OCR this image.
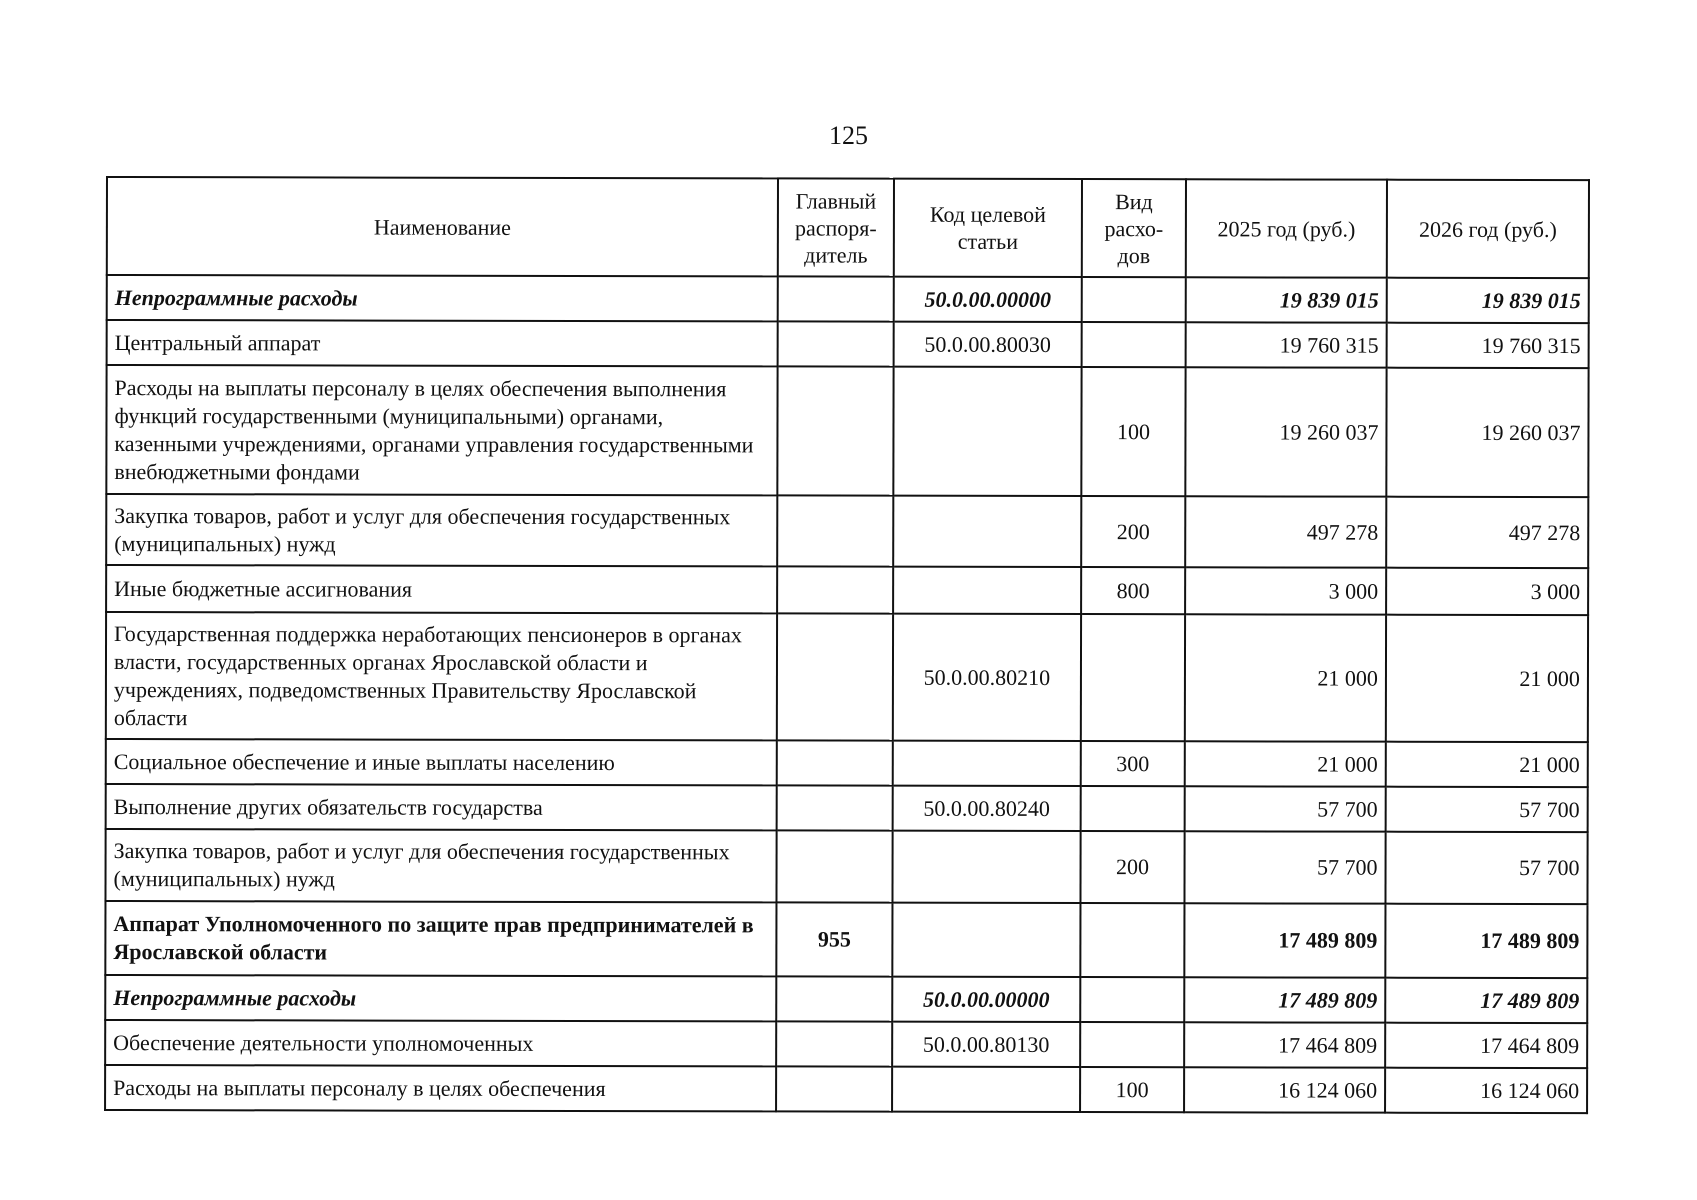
125
Наименование	Главный распоря-дитель	Код целевой статьи	Вид расхо-дов	2025 год (руб.)	2026 год (руб.)
Непрограммные расходы		50.0.00.00000		19 839 015	19 839 015
Центральный аппарат		50.0.00.80030		19 760 315	19 760 315
Расходы на выплаты персоналу в целях обеспечения выполнения функций государственными (муниципальными) органами, казенными учреждениями, органами управления государственными внебюджетными фондами			100	19 260 037	19 260 037
Закупка товаров, работ и услуг для обеспечения государственных (муниципальных) нужд			200	497 278	497 278
Иные бюджетные ассигнования			800	3 000	3 000
Государственная поддержка неработающих пенсионеров в органах власти, государственных органах Ярославской области и учреждениях, подведомственных Правительству Ярославской области		50.0.00.80210		21 000	21 000
Социальное обеспечение и иные выплаты населению			300	21 000	21 000
Выполнение других обязательств государства		50.0.00.80240		57 700	57 700
Закупка товаров, работ и услуг для обеспечения государственных (муниципальных) нужд			200	57 700	57 700
Аппарат Уполномоченного по защите прав предпринимателей в Ярославской области	955			17 489 809	17 489 809
Непрограммные расходы		50.0.00.00000		17 489 809	17 489 809
Обеспечение деятельности уполномоченных		50.0.00.80130		17 464 809	17 464 809
Расходы на выплаты персоналу в целях обеспечения			100	16 124 060	16 124 060
